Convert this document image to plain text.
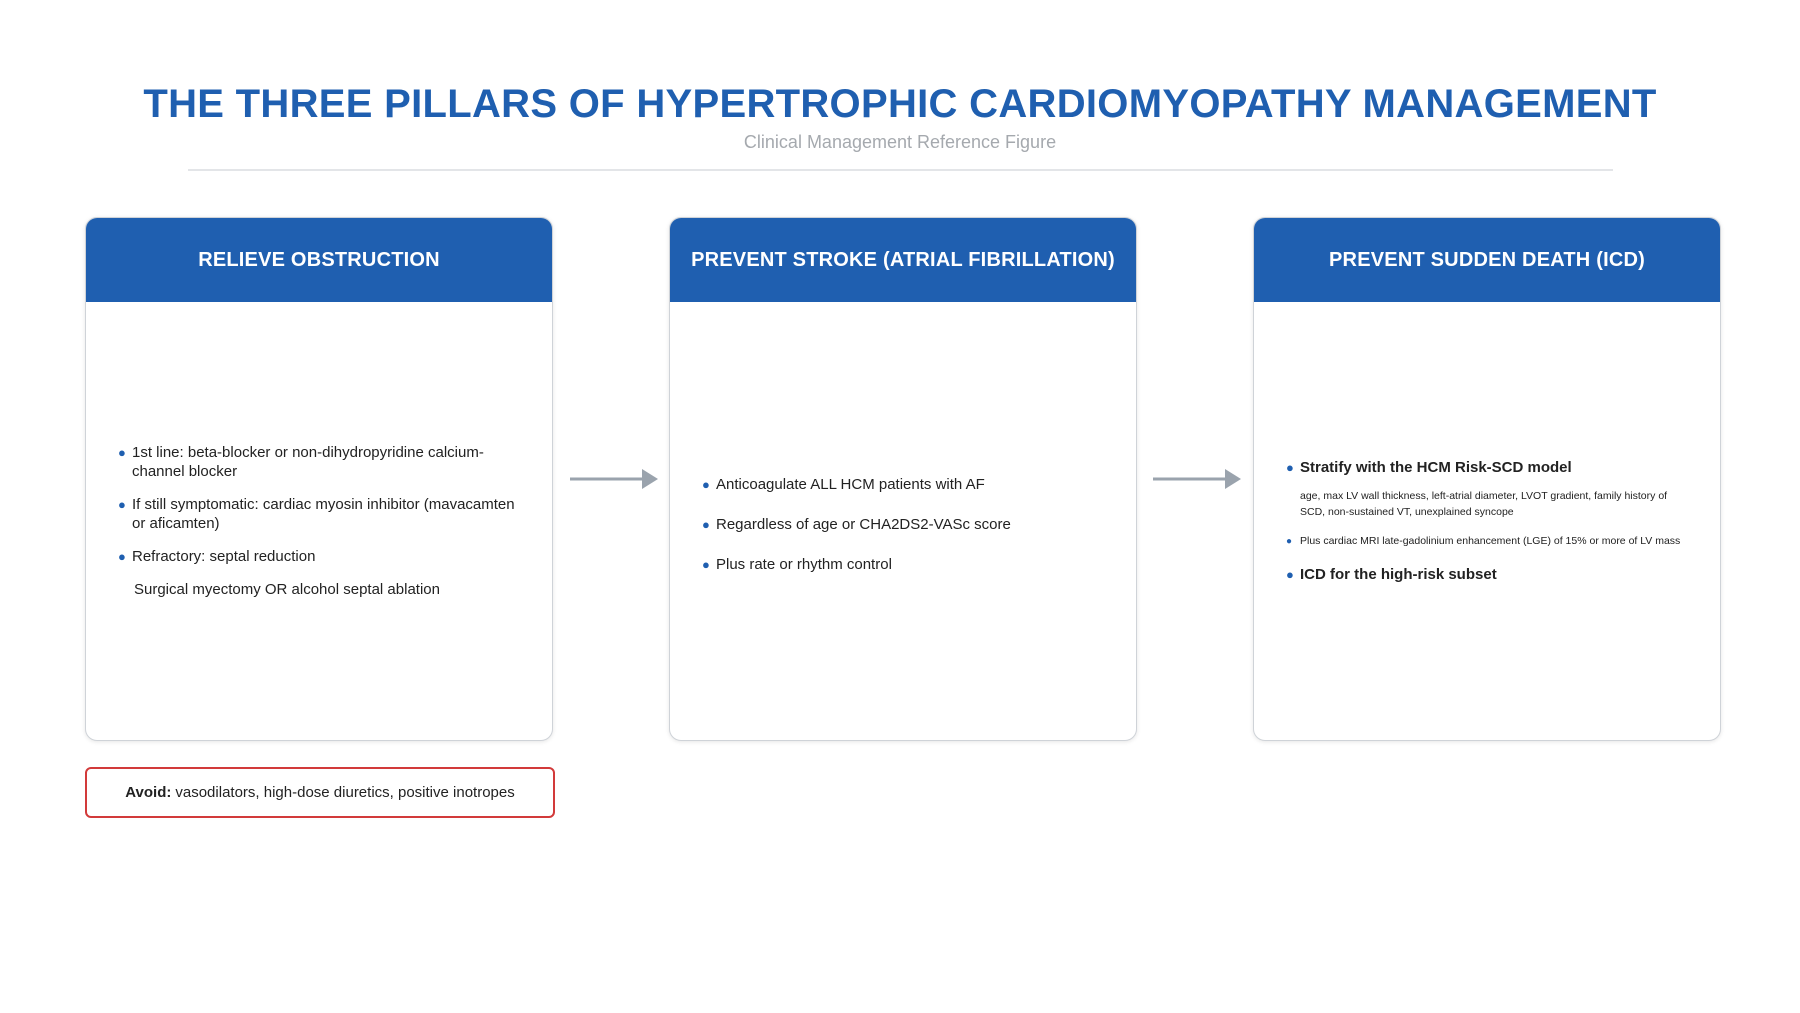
THE THREE PILLARS OF HYPERTROPHIC CARDIOMYOPATHY MANAGEMENT
Clinical Management Reference Figure
RELIEVE OBSTRUCTION
● 1st line: beta-blocker or non-dihydropyridine calcium-channel blocker
● If still symptomatic: cardiac myosin inhibitor (mavacamten or aficamten)
● Refractory: septal reduction
Surgical myectomy OR alcohol septal ablation
PREVENT STROKE (ATRIAL FIBRILLATION)
● Anticoagulate ALL HCM patients with AF
● Regardless of age or CHA2DS2-VASc score
● Plus rate or rhythm control
PREVENT SUDDEN DEATH (ICD)
● Stratify with the HCM Risk-SCD model
age, max LV wall thickness, left-atrial diameter, LVOT gradient, family history of SCD, non-sustained VT, unexplained syncope
● Plus cardiac MRI late-gadolinium enhancement (LGE) of 15% or more of LV mass
● ICD for the high-risk subset
Avoid: vasodilators, high-dose diuretics, positive inotropes
